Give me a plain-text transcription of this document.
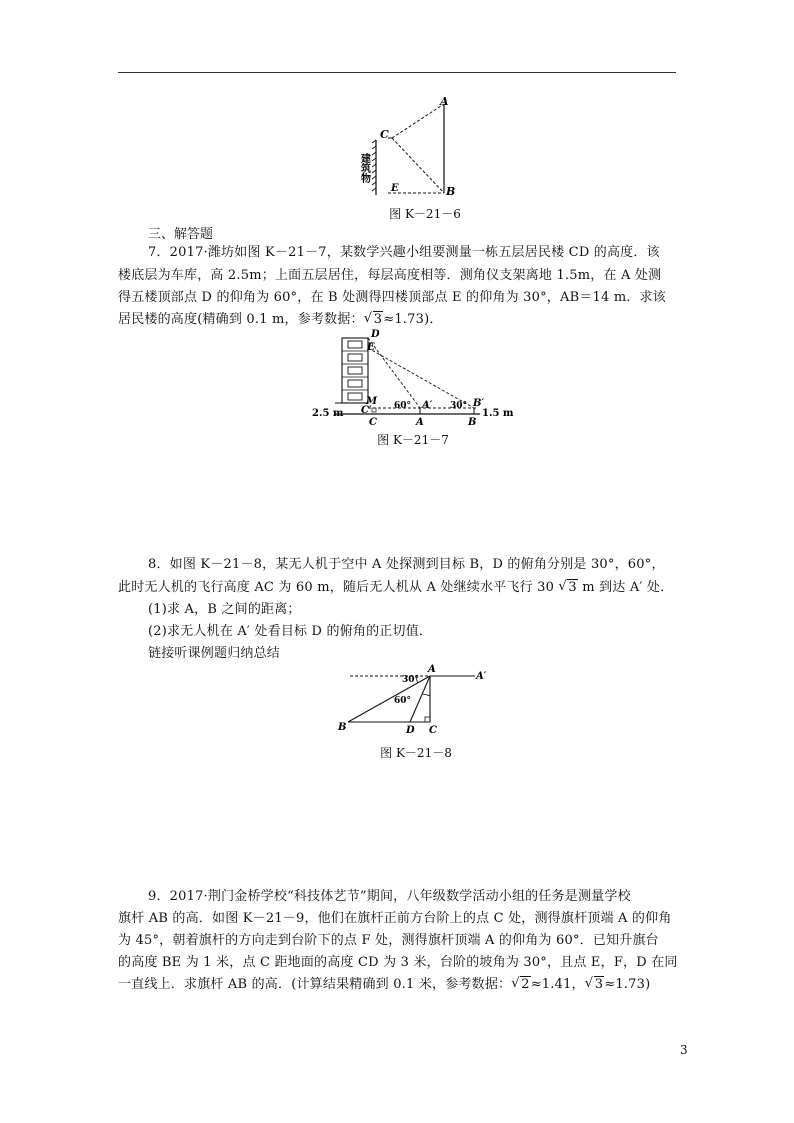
A
C
E	B
建筑物
图 K－21－6
三、解答题
7．2017·潍坊如图 K－21－7，某数学兴趣小组要测量一栋五层居民楼 CD 的高度．该
楼底层为车库，高 2.5m；上面五层居住，每层高度相等．测角仪支架离地 1.5m，在 A 处测
得五楼顶部点 D 的仰角为 60°，在 B 处测得四楼顶部点 E 的仰角为 30°，AB＝14 m．求该
居民楼的高度(精确到 0.1 m，参考数据： √ 3≈1.73)．
D
E
M
C′
C
60° A′
A
30° B′
B
2.5 m	1.5 m
图 K－21－7
8．如图 K－21－8，某无人机于空中 A 处探测到目标 B，D 的俯角分别是 30°，60°，
此时无人机的飞行高度 AC 为 60 m，随后无人机从 A 处继续水平飞行 30 √ 3 m 到达 A′ 处．
(1)求 A，B 之间的距离；
(2)求无人机在 A′ 处看目标 D 的俯角的正切值．
链接听课例题归纳总结
A
A′
30°
60°
B	D C
图 K－21－8
9．2017·荆门金桥学校“科技体艺节”期间，八年级数学活动小组的任务是测量学校
旗杆 AB 的高．如图 K－21－9，他们在旗杆正前方台阶上的点 C 处，测得旗杆顶端 A 的仰角
为 45°，朝着旗杆的方向走到台阶下的点 F 处，测得旗杆顶端 A 的仰角为 60°．已知升旗台
的高度 BE 为 1 米，点 C 距地面的高度 CD 为 3 米，台阶的坡角为 30°，且点 E，F，D 在同
一直线上．求旗杆 AB 的高．(计算结果精确到 0.1 米，参考数据： √ 2≈1.41， √ 3≈1.73)
3
